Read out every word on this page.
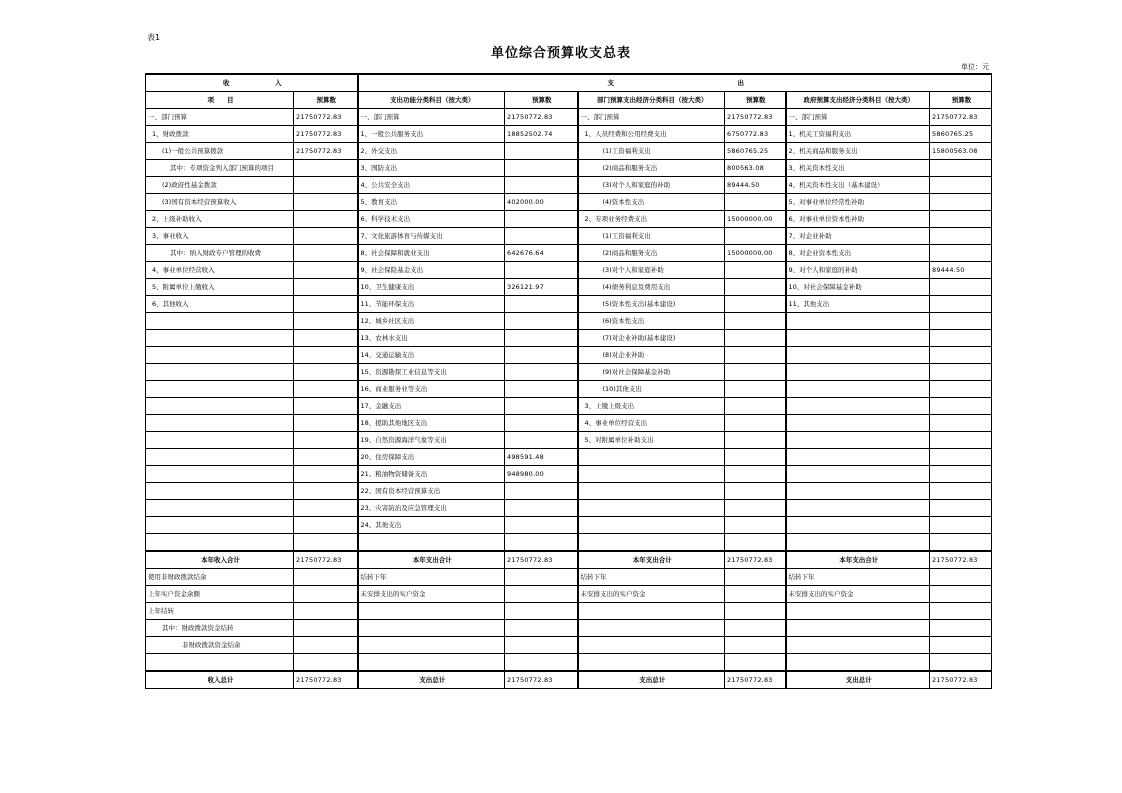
表1
单位综合预算收支总表
单位：元
收　　　　　　　入		支　　　　　　　　　　　　　　　　　　　出					
项　　目	预算数	支出功能分类科目（按大类）	预算数	部门预算支出经济分类科目（按大类）	预算数	政府预算支出经济分类科目（按大类）	预算数
一、部门预算	21750772.83	一、部门预算	21750772.83	一、部门预算	21750772.83	一、部门预算	21750772.83
1、财政拨款	21750772.83	1、一般公共服务支出	18852502.74	1、人员经费和公用经费支出	6750772.83	1、机关工资福利支出	5860765.25
(1)一般公共预算拨款	21750772.83	2、外交支出		(1)工资福利支出	5860765.25	2、机关商品和服务支出	15800563.08
其中：专项资金列入部门预算的项目		3、国防支出		(2)商品和服务支出	800563.08	3、机关资本性支出	
(2)政府性基金拨款		4、公共安全支出		(3)对个人和家庭的补助	89444.50	4、机关资本性支出（基本建设）	
(3)国有资本经营预算收入		5、教育支出	402000.00	(4)资本性支出		5、对事业单位经常性补助	
2、上级补助收入		6、科学技术支出		2、专项业务经费支出	15000000.00	6、对事业单位资本性补助	
3、事业收入		7、文化旅游体育与传媒支出		(1)工资福利支出		7、对企业补助	
其中：纳入财政专户管理的收费		8、社会保障和就业支出	642676.64	(2)商品和服务支出	15000000.00	8、对企业资本性支出	
4、事业单位经营收入		9、社会保险基金支出		(3)对个人和家庭补助		9、对个人和家庭的补助	89444.50
5、附属单位上缴收入		10、卫生健康支出	326121.97	(4)债务利息及费用支出		10、对社会保障基金补助	
6、其他收入		11、节能环保支出		(5)资本性支出(基本建设)		11、其他支出	
		12、城乡社区支出		(6)资本性支出			
		13、农林水支出		(7)对企业补助(基本建设)			
		14、交通运输支出		(8)对企业补助			
		15、资源勘探工业信息等支出		(9)对社会保障基金补助			
		16、商业服务业等支出		(10)其他支出			
		17、金融支出		3、上缴上级支出			
		18、援助其他地区支出		4、事业单位经营支出			
		19、自然资源海洋气象等支出		5、对附属单位补助支出			
		20、住房保障支出	498591.48				
		21、粮油物资储备支出	948980.00				
		22、国有资本经营预算支出					
		23、灾害防治及应急管理支出					
		24、其他支出					

本年收入合计	21750772.83	本年支出合计	21750772.83	本年支出合计	21750772.83	本年支出合计	21750772.83
使用非财政拨款结余		结转下年		结转下年		结转下年	
上年实户资金余额		未安排支出的实户资金		未安排支出的实户资金		未安排支出的实户资金	
上年结转							
其中：财政拨款资金结转							
非财政拨款资金结余							

收入总计	21750772.83	支出总计	21750772.83	支出总计	21750772.83	支出总计	21750772.83
